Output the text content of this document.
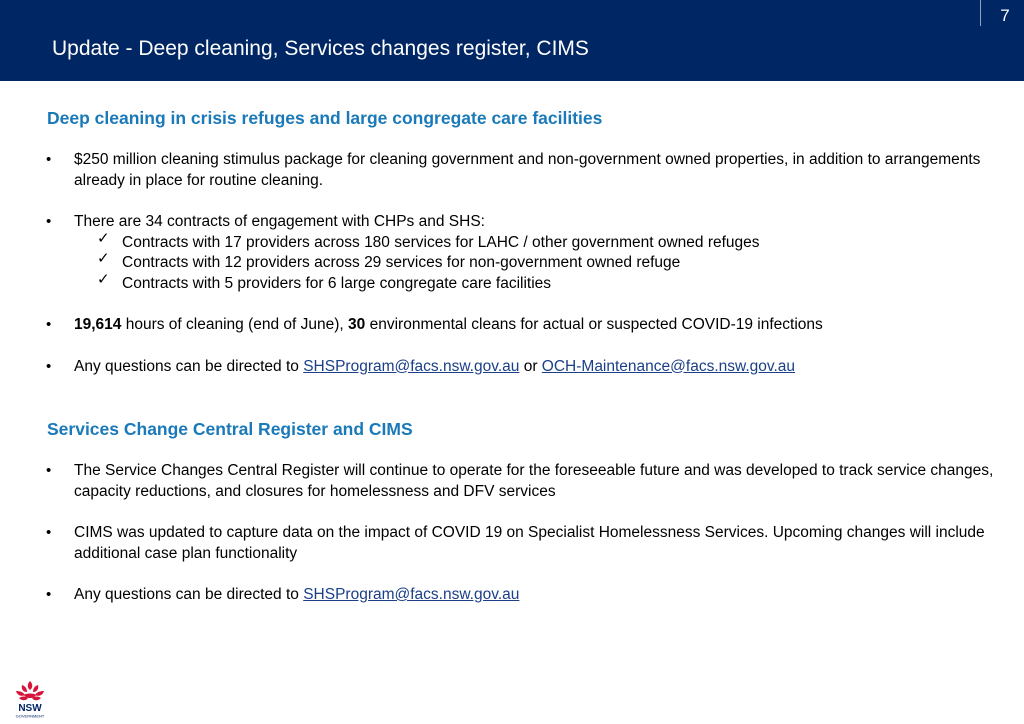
Update - Deep cleaning, Services changes register, CIMS
7
Deep cleaning in crisis refuges and large congregate care facilities
• $250 million cleaning stimulus package for cleaning government and non-government owned properties, in addition to arrangements already in place for routine cleaning.
• There are 34 contracts of engagement with CHPs and SHS:
✓ Contracts with 17 providers across 180 services for LAHC / other government owned refuges
✓ Contracts with 12 providers across 29 services for non-government owned refuge
✓ Contracts with 5 providers for 6 large congregate care facilities
• 19,614 hours of cleaning (end of June), 30 environmental cleans for actual or suspected COVID-19 infections
• Any questions can be directed to SHSProgram@facs.nsw.gov.au or OCH-Maintenance@facs.nsw.gov.au
Services Change Central Register and CIMS
• The Service Changes Central Register will continue to operate for the foreseeable future and was developed to track service changes, capacity reductions, and closures for homelessness and DFV services
• CIMS was updated to capture data on the impact of COVID 19 on Specialist Homelessness Services. Upcoming changes will include additional case plan functionality
• Any questions can be directed to SHSProgram@facs.nsw.gov.au
NSW
GOVERNMENT
